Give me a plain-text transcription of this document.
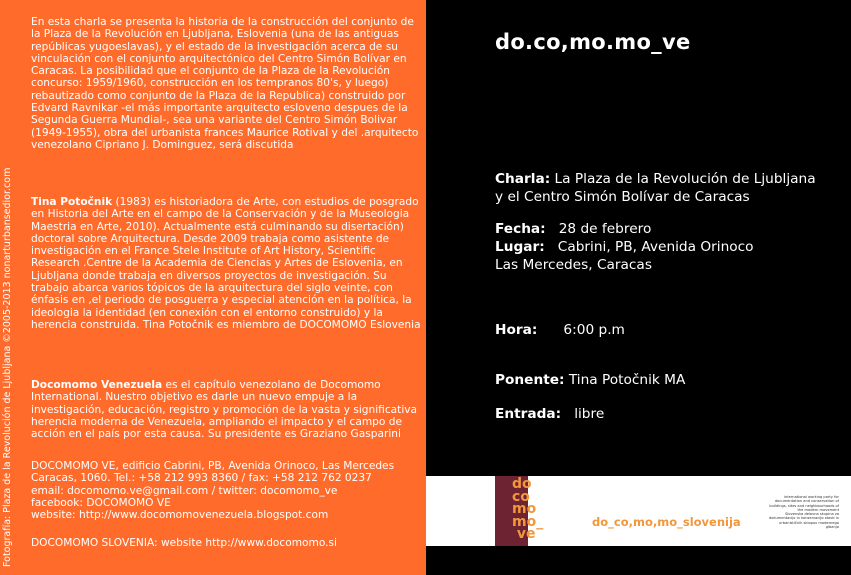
Fotografía: Plaza de la Revolución de Ljubljana ©2005-2013 nonarturbansedior.com

En esta charla se presenta la historia de la construcción del conjunto de la Plaza de la Revolución en Ljubljana, Eslovenia (una de las antiguas repúblicas yugoeslavas), y el estado de la investigación acerca de su vinculación con el conjunto arquitectónico del Centro Simón Bolívar en Caracas. La posibilidad que el conjunto de la Plaza de la Revolución concurso: 1959/1960, construcción en los tempranos 80's, y luego) rebautizado como conjunto de la Plaza de la Republica) construido por Edvard Ravnikar -el más importante arquitecto esloveno despues de la Segunda Guerra Mundial-, sea una variante del Centro Simón Bolivar (1949-1955), obra del urbanista frances Maurice Rotival y del .arquitecto venezolano Cipriano J. Dominguez, será discutida

Tina Potočnik (1983) es historiadora de Arte, con estudios de posgrado en Historia del Arte en el campo de la Conservación y de la Museologia Maestria en Arte, 2010). Actualmente está culminando su disertación) doctoral sobre Arquitectura. Desde 2009 trabaja como asistente de investigación en el France Stele Institute of Art History, Scientific Research .Centre de la Academia de Ciencias y Artes de Eslovenia, en Ljubljana donde trabaja en diversos proyectos de investigación. Su trabajo abarca varios tópicos de la arquitectura del siglo veinte, con énfasis en ,el periodo de posguerra y especial atención en la política, la ideologia la identidad (en conexión con el entorno construido) y la herencia construida. Tina Potočnik es miembro de DOCOMOMO Eslovenia

Docomomo Venezuela es el capítulo venezolano de Docomomo International. Nuestro objetivo es darle un nuevo empuje a la investigación, educación, registro y promoción de la vasta y significativa herencia moderna de Venezuela, ampliando el impacto y el campo de acción en el país por esta causa. Su presidente es Graziano Gasparini

DOCOMOMO VE, edificio Cabrini, PB, Avenida Orinoco, Las Mercedes
Caracas, 1060. Tel.: +58 212 993 8360 / fax: +58 212 762 0237
email: docomomo.ve@gmail.com / twitter: docomomo_ve
facebook: DOCOMOMO VE
website: http://www.docomomovenezuela.blogspot.com
DOCOMOMO SLOVENIA: website http://www.docomomo.si
do.co,mo.mo_ve
Charla: La Plaza de la Revolución de Ljubljana
y el Centro Simón Bolívar de Caracas
Fecha:   28 de febrero
Lugar:   Cabrini, PB, Avenida Orinoco
Las Mercedes, Caracas
Hora:      6:00 p.m
Ponente: Tina Potočnik MA
Entrada:   libre
do
co
mo
mo_
ve
do_co,mo,mo_slovenija
international working party for documentation and conservation of buildings, sites and neighbourhoods of the modern movement
Slovenska delovna skupina za dokumentacijo in konservacijo stavb in urbanističnih sklopov modernega gibanja
